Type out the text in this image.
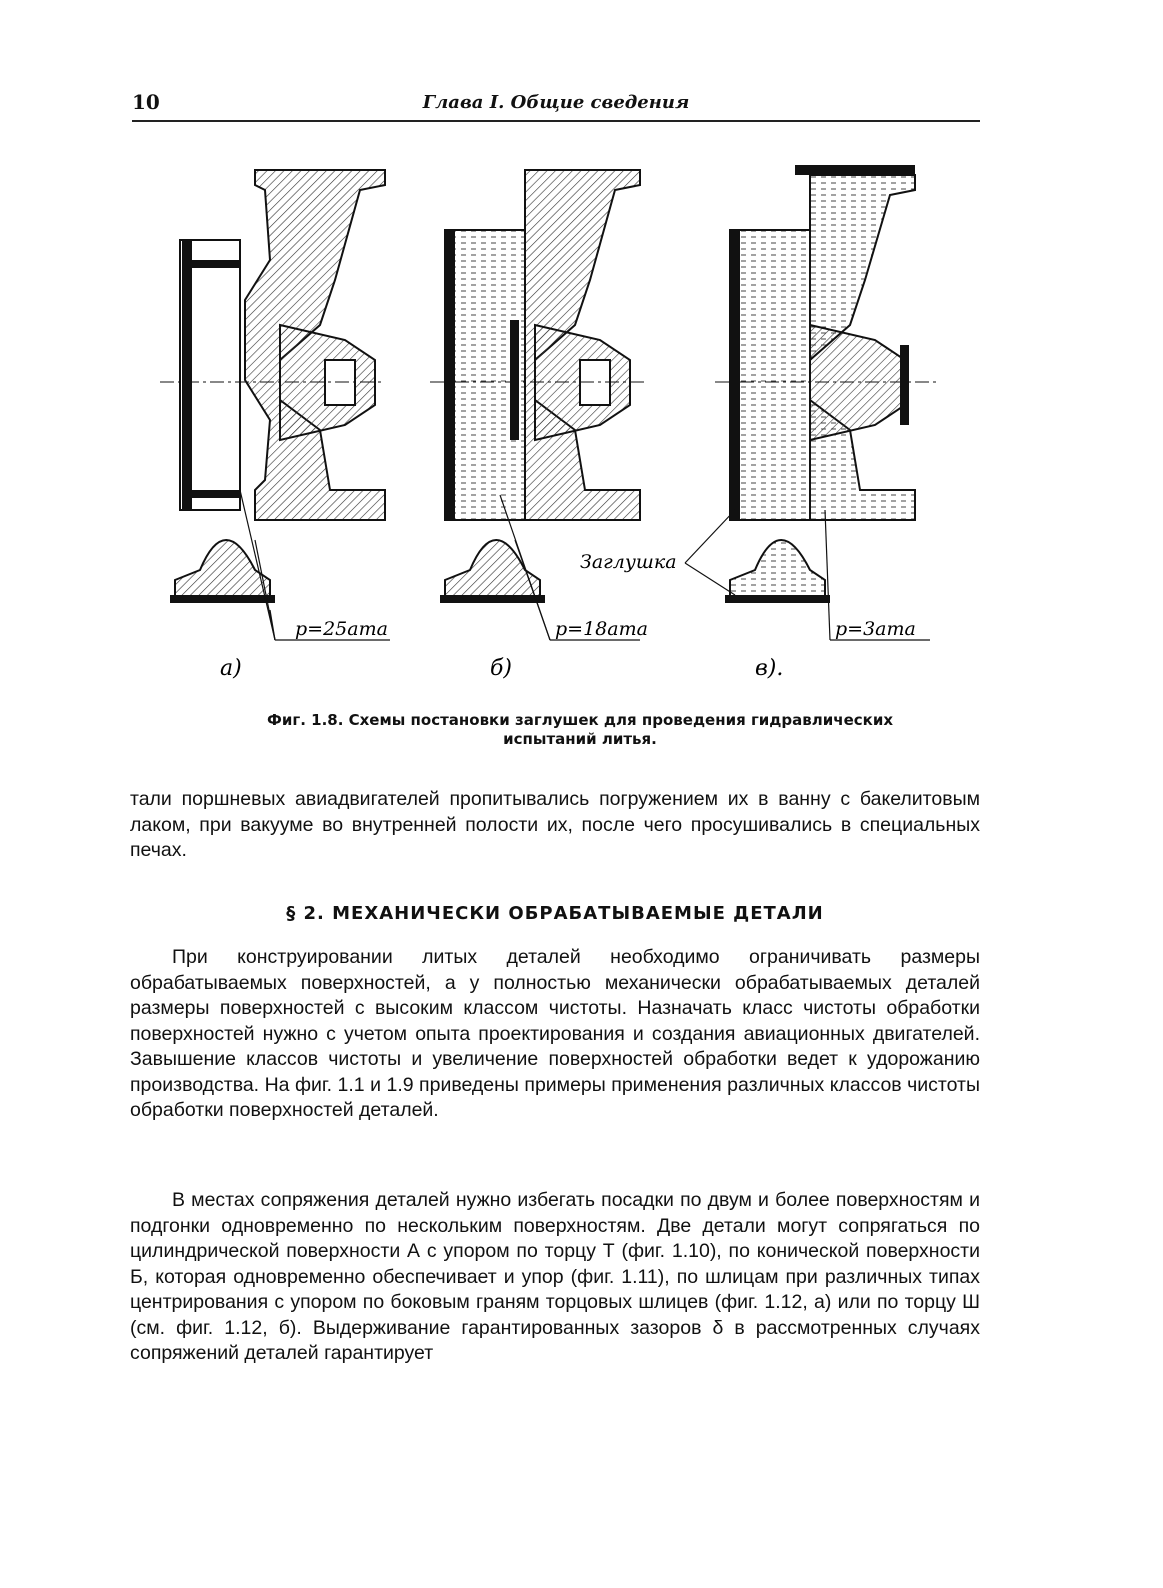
10	Глава I. Общие сведения
p=25ата
а)
p=18ата
б)
Заглушка
p=3ата
в).
Фиг. 1.8. Схемы постановки заглушек для проведения гидравлических
испытаний литья.

тали поршневых авиадвигателей пропитывались погружением их в ванну с бакелитовым лаком, при вакууме во внутренней полости их, после чего просушивались в специальных печах.

§ 2. МЕХАНИЧЕСКИ ОБРАБАТЫВАЕМЫЕ ДЕТАЛИ

При конструировании литых деталей необходимо ограничивать размеры обрабатываемых поверхностей, а у полностью механически обрабатываемых деталей размеры поверхностей с высоким классом чистоты. Назначать класс чистоты обработки поверхностей нужно с учетом опыта проектирования и создания авиационных двигателей. Завышение классов чистоты и увеличение поверхностей обработки ведет к удорожанию производства. На фиг. 1.1 и 1.9 приведены примеры применения различных классов чистоты обработки поверхностей деталей.

В местах сопряжения деталей нужно избегать посадки по двум и более поверхностям и подгонки одновременно по нескольким поверхностям. Две детали могут сопрягаться по цилиндрической поверхности А с упором по торцу Т (фиг. 1.10), по конической поверхности Б, которая одновременно обеспечивает и упор (фиг. 1.11), по шлицам при различных типах центрирования с упором по боковым граням торцовых шлицев (фиг. 1.12, а) или по торцу Ш (см. фиг. 1.12, б). Выдерживание гарантированных зазоров δ в рассмотренных случаях сопряжений деталей гарантирует
